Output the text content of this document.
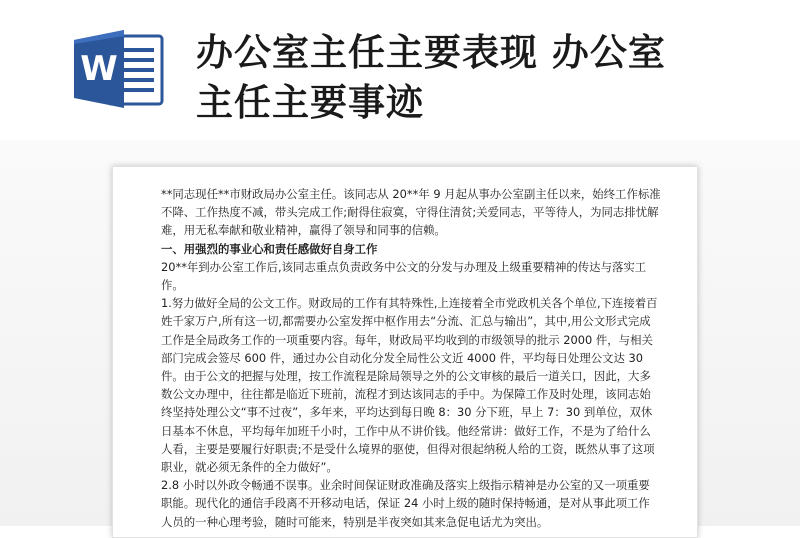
W 办公室主任主要表现 办公室主任主要事迹

**同志现任**市财政局办公室主任。该同志从 20**年 9 月起从事办公室副主任以来，始终工作标准不降、工作热度不减，带头完成工作;耐得住寂寞，守得住清贫;关爱同志，平等待人，为同志排忧解难，用无私奉献和敬业精神，赢得了领导和同事的信赖。

一、用强烈的事业心和责任感做好自身工作

20**年到办公室工作后,该同志重点负责政务中公文的分发与办理及上级重要精神的传达与落实工作。

1.努力做好全局的公文工作。财政局的工作有其特殊性,上连接着全市党政机关各个单位,下连接着百姓千家万户,所有这一切,都需要办公室发挥中枢作用去“分流、汇总与输出”，其中,用公文形式完成工作是全局政务工作的一项重要内容。每年，财政局平均收到的市级领导的批示 2000 件，与相关部门完成会签尽 600 件，通过办公自动化分发全局性公文近 4000 件，平均每日处理公文达 30 件。由于公文的把握与处理，按工作流程是除局领导之外的公文审核的最后一道关口，因此，大多数公文办理中，往往都是临近下班前，流程才到达该同志的手中。为保障工作及时处理，该同志始终坚持处理公文“事不过夜”，多年来，平均达到每日晚 8：30 分下班，早上 7：30 到单位，双休日基本不休息，平均每年加班千小时，工作中从不讲价钱。他经常讲：做好工作，不是为了给什么人看，主要是要履行好职责;不是受什么境界的驱使，但得对很起纳税人给的工资，既然从事了这项职业，就必须无条件的全力做好”。

2.8 小时以外政令畅通不误事。业余时间保证财政准确及落实上级指示精神是办公室的又一项重要职能。现代化的通信手段离不开移动电话，保证 24 小时上级的随时保持畅通，是对从事此项工作人员的一种心理考验，随时可能来，特别是半夜突如其来急促电话尤为突出。
